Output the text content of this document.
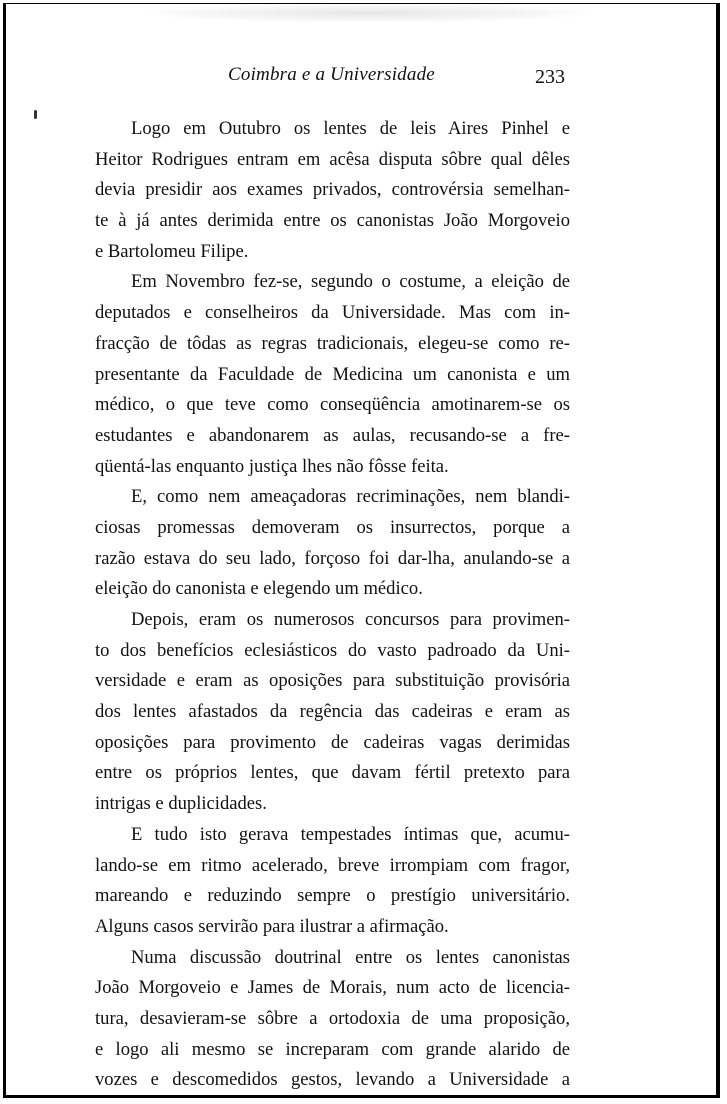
Coimbra e a Universidade	233
Logo em Outubro os lentes de leis Aires Pinhel e
Heitor Rodrigues entram em acêsa disputa sôbre qual dêles
devia presidir aos exames privados, controvérsia semelhan-
te à já antes derimida entre os canonistas João Morgoveio
e Bartolomeu Filipe.
Em Novembro fez-se, segundo o costume, a eleição de
deputados e conselheiros da Universidade. Mas com in-
fracção de tôdas as regras tradicionais, elegeu-se como re-
presentante da Faculdade de Medicina um canonista e um
médico, o que teve como conseqüência amotinarem-se os
estudantes e abandonarem as aulas, recusando-se a fre-
qüentá-las enquanto justiça lhes não fôsse feita.
E, como nem ameaçadoras recriminações, nem blandi-
ciosas promessas demoveram os insurrectos, porque a
razão estava do seu lado, forçoso foi dar-lha, anulando-se a
eleição do canonista e elegendo um médico.
Depois, eram os numerosos concursos para provimen-
to dos benefícios eclesiásticos do vasto padroado da Uni-
versidade e eram as oposições para substituição provisória
dos lentes afastados da regência das cadeiras e eram as
oposições para provimento de cadeiras vagas derimidas
entre os próprios lentes, que davam fértil pretexto para
intrigas e duplicidades.
E tudo isto gerava tempestades íntimas que, acumu-
lando-se em ritmo acelerado, breve irrompiam com fragor,
mareando e reduzindo sempre o prestígio universitário.
Alguns casos servirão para ilustrar a afirmação.
Numa discussão doutrinal entre os lentes canonistas
João Morgoveio e James de Morais, num acto de licencia-
tura, desavieram-se sôbre a ortodoxia de uma proposição,
e logo ali mesmo se increparam com grande alarido de
vozes e descomedidos gestos, levando a Universidade a
